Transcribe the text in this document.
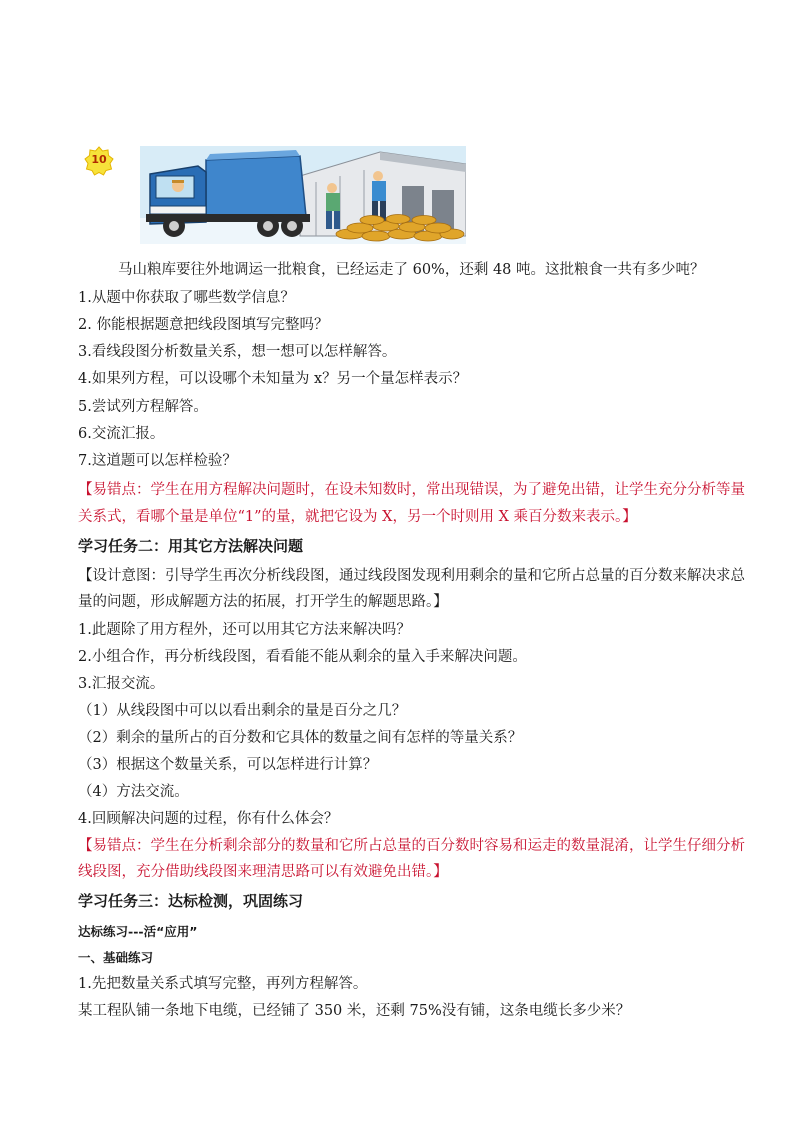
10
马山粮库要往外地调运一批粮食，已经运走了 60%，还剩 48 吨。这批粮食一共有多少吨？
1.从题中你获取了哪些数学信息？
2. 你能根据题意把线段图填写完整吗？
3.看线段图分析数量关系，想一想可以怎样解答。
4.如果列方程，可以设哪个未知量为 x？另一个量怎样表示？
5.尝试列方程解答。
6.交流汇报。
7.这道题可以怎样检验？
【易错点：学生在用方程解决问题时，在设未知数时，常出现错误，为了避免出错，让学生充分分析等量
关系式，看哪个量是单位“1”的量，就把它设为 X，另一个时则用 X 乘百分数来表示。】
学习任务二：用其它方法解决问题
【设计意图：引导学生再次分析线段图，通过线段图发现利用剩余的量和它所占总量的百分数来解决求总
量的问题，形成解题方法的拓展，打开学生的解题思路。】
1.此题除了用方程外，还可以用其它方法来解决吗？
2.小组合作，再分析线段图，看看能不能从剩余的量入手来解决问题。
3.汇报交流。
（1）从线段图中可以以看出剩余的量是百分之几？
（2）剩余的量所占的百分数和它具体的数量之间有怎样的等量关系？
（3）根据这个数量关系，可以怎样进行计算？
（4）方法交流。
4.回顾解决问题的过程，你有什么体会？
【易错点：学生在分析剩余部分的数量和它所占总量的百分数时容易和运走的数量混淆，让学生仔细分析
线段图，充分借助线段图来理清思路可以有效避免出错。】
学习任务三：达标检测，巩固练习
达标练习---活“应用”
一、基础练习
1.先把数量关系式填写完整，再列方程解答。
某工程队铺一条地下电缆，已经铺了 350 米，还剩 75%没有铺，这条电缆长多少米？
